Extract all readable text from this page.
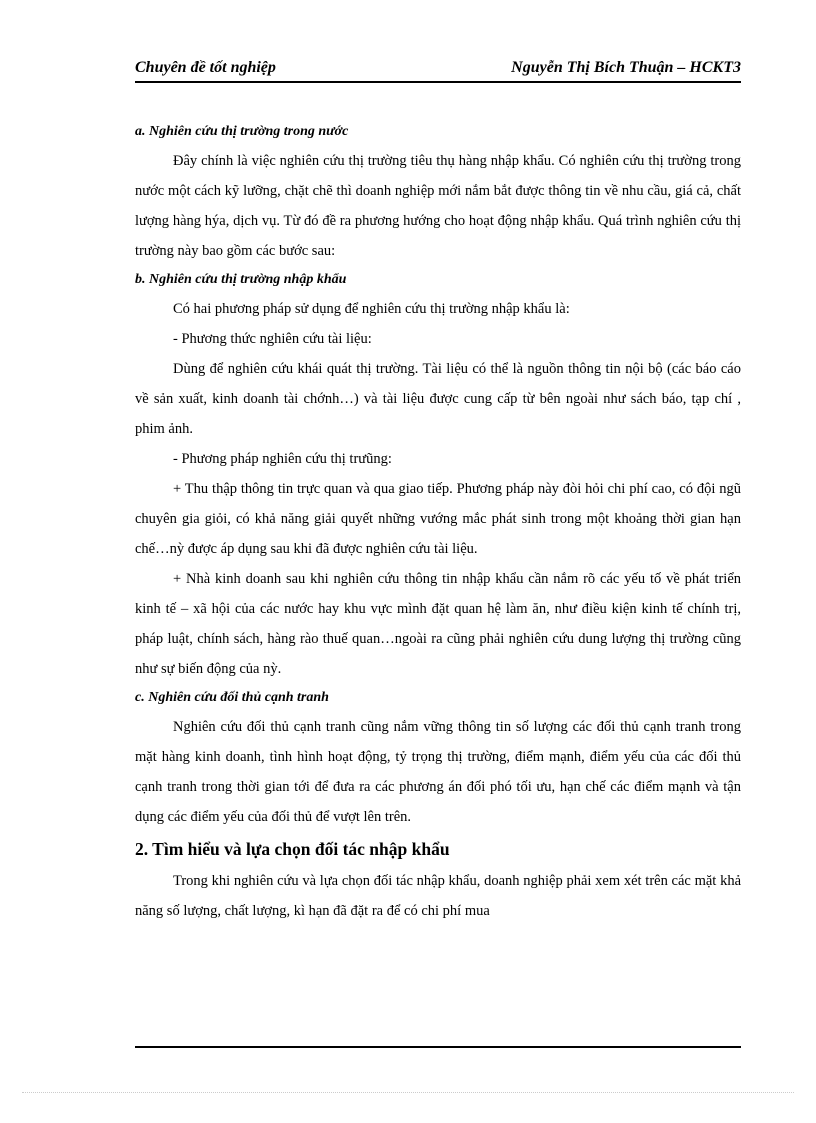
Chuyên đề tốt nghiệp	Nguyễn Thị Bích Thuận – HCKT3
a. Nghiên cứu thị trường trong nước

Đây chính là việc nghiên cứu thị trường tiêu thụ hàng nhập khẩu. Có nghiên cứu thị trường trong nước một cách kỹ lưỡng, chặt chẽ thì doanh nghiệp mới nắm bắt được thông tin về nhu cầu, giá cả, chất lượng hàng hýa, dịch vụ. Từ đó đề ra phương hướng cho hoạt động nhập khẩu. Quá trình nghiên cứu thị trường này bao gồm các bước sau:

b. Nghiên cứu thị trường nhập khẩu

Có hai phương pháp sử dụng để nghiên cứu thị trường nhập khẩu là:

- Phương thức nghiên cứu tài liệu:

Dùng để nghiên cứu khái quát thị trường. Tài liệu có thể là nguồn thông tin nội bộ (các báo cáo về sản xuất, kinh doanh tài chớnh…) và tài liệu được cung cấp từ bên ngoài như sách báo, tạp chí , phim ảnh.

- Phương pháp nghiên cứu thị trưũng:

+ Thu thập thông tin trực quan và qua giao tiếp. Phương pháp này đòi hỏi chi phí cao, có đội ngũ chuyên gia giỏi, có khả năng giải quyết những vướng mắc phát sinh trong một khoảng thời gian hạn chế…nỳ được áp dụng sau khi đã được nghiên cứu tài liệu.

+ Nhà kinh doanh sau khi nghiên cứu thông tin nhập khẩu cần nắm rõ các yếu tố về phát triển kinh tế – xã hội của các nước hay khu vực mình đặt quan hệ làm ăn, như điều kiện kinh tế chính trị, pháp luật, chính sách, hàng rào thuế quan…ngoài ra cũng phải nghiên cứu dung lượng thị trường cũng như sự biến động của nỳ.

c. Nghiên cứu đối thủ cạnh tranh

Nghiên cứu đối thủ cạnh tranh cũng nắm vững thông tin số lượng các đối thủ cạnh tranh trong mặt hàng kinh doanh, tình hình hoạt động, tỷ trọng thị trường, điểm mạnh, điểm yếu của các đối thủ cạnh tranh trong thời gian tới để đưa ra các phương án đối phó tối ưu, hạn chế các điểm mạnh và tận dụng các điểm yếu của đối thủ để vượt lên trên.

2. Tìm hiểu và lựa chọn đối tác nhập khẩu

Trong khi nghiên cứu và lựa chọn đối tác nhập khẩu, doanh nghiệp phải xem xét trên các mặt khả năng số lượng, chất lượng, kì hạn đã đặt ra để có chi phí mua
